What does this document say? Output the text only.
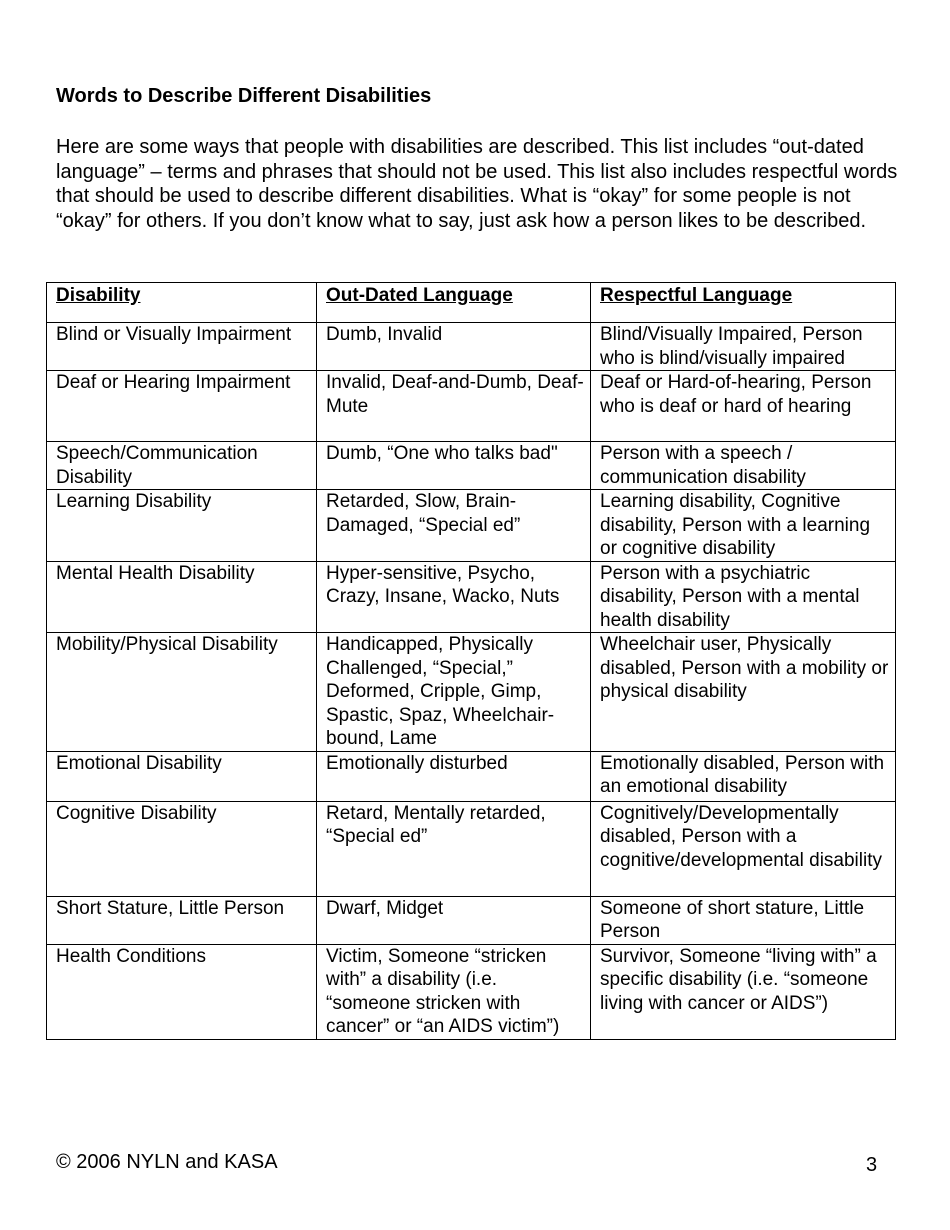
Words to Describe Different Disabilities
Here are some ways that people with disabilities are described. This list includes “out-dated language” – terms and phrases that should not be used. This list also includes respectful words that should be used to describe different disabilities. What is “okay” for some people is not “okay” for others. If you don’t know what to say, just ask how a person likes to be described.
Disability	Out-Dated Language	Respectful Language
Blind or Visually Impairment	Dumb, Invalid	Blind/Visually Impaired, Person who is blind/visually impaired
Deaf or Hearing Impairment	Invalid, Deaf-and-Dumb, Deaf-Mute	Deaf or Hard-of-hearing, Person who is deaf or hard of hearing
Speech/Communication Disability	Dumb, “One who talks bad"	Person with a speech / communication disability
Learning Disability	Retarded, Slow, Brain-Damaged, “Special ed”	Learning disability, Cognitive disability, Person with a learning or cognitive disability
Mental Health Disability	Hyper-sensitive, Psycho, Crazy, Insane, Wacko, Nuts	Person with a psychiatric disability, Person with a mental health disability
Mobility/Physical Disability	Handicapped, Physically Challenged, “Special,” Deformed, Cripple, Gimp, Spastic, Spaz, Wheelchair-bound, Lame	Wheelchair user, Physically disabled, Person with a mobility or physical disability
Emotional Disability	Emotionally disturbed	Emotionally disabled, Person with an emotional disability
Cognitive Disability	Retard, Mentally retarded, “Special ed”	Cognitively/Developmentally disabled, Person with a cognitive/developmental disability
Short Stature, Little Person	Dwarf, Midget	Someone of short stature, Little Person
Health Conditions	Victim, Someone “stricken with” a disability (i.e. “someone stricken with cancer” or “an AIDS victim”)	Survivor, Someone “living with” a specific disability (i.e. “someone living with cancer or AIDS”)
© 2006 NYLN and KASA	3
